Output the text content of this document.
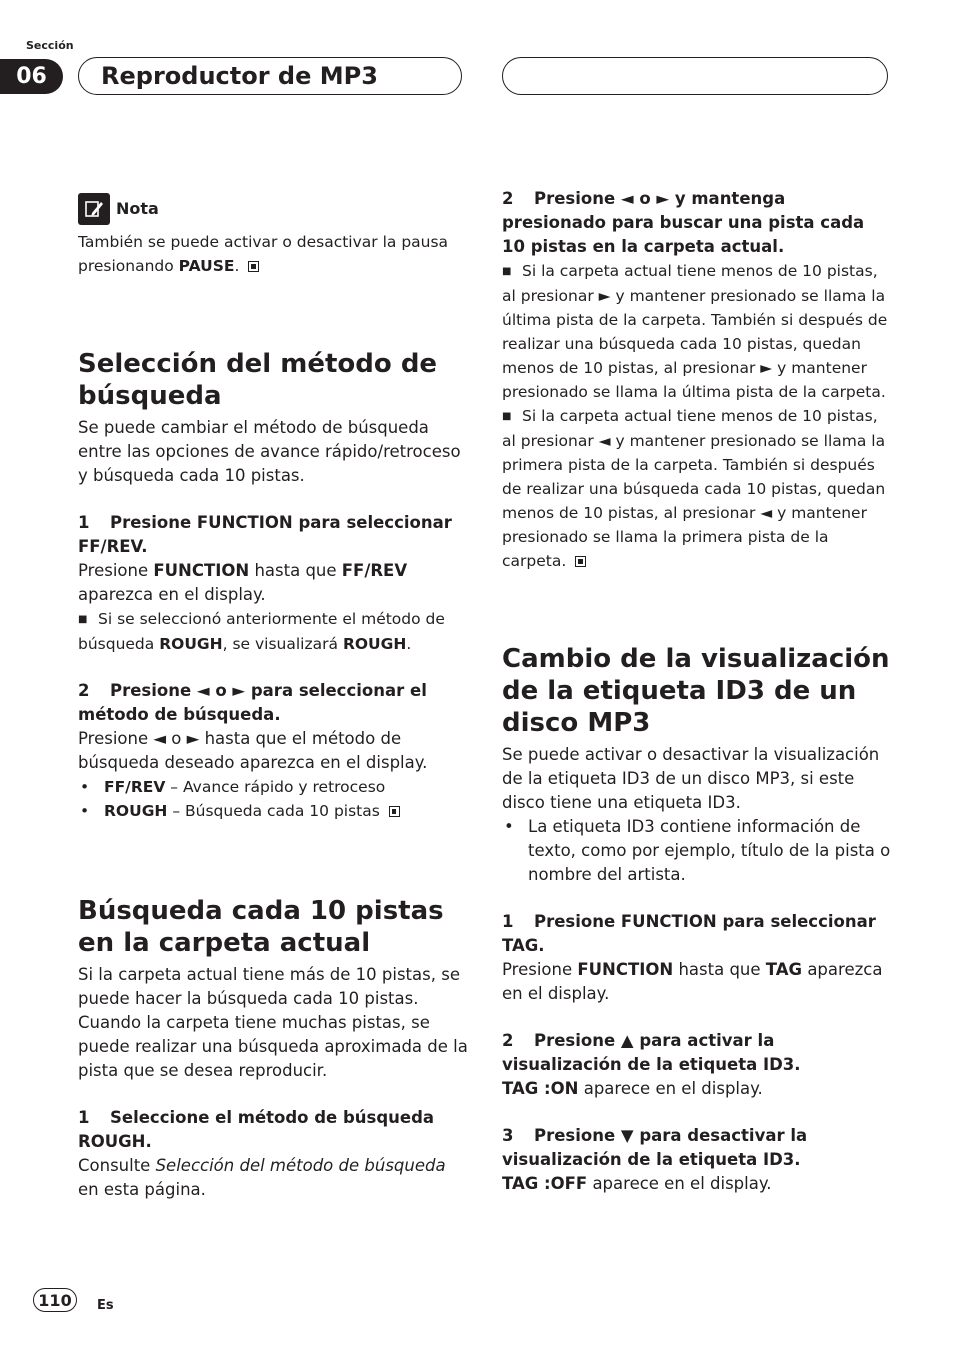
Sección
06	Reproductor de MP3
Nota

También se puede activar o desactivar la pausa presionando PAUSE.

Selección del método de búsqueda

Se puede cambiar el método de búsqueda entre las opciones de avance rápido/retroceso y búsqueda cada 10 pistas.

1 Presione FUNCTION para seleccionar FF/REV.

Presione FUNCTION hasta que FF/REV aparezca en el display.

■ Si se seleccionó anteriormente el método de búsqueda ROUGH, se visualizará ROUGH.

2 Presione ◄ o ► para seleccionar el método de búsqueda.

Presione ◄ o ► hasta que el método de búsqueda deseado aparezca en el display.

• FF/REV – Avance rápido y retroceso

• ROUGH – Búsqueda cada 10 pistas

Búsqueda cada 10 pistas en la carpeta actual

Si la carpeta actual tiene más de 10 pistas, se puede hacer la búsqueda cada 10 pistas. Cuando la carpeta tiene muchas pistas, se puede realizar una búsqueda aproximada de la pista que se desea reproducir.

1 Seleccione el método de búsqueda ROUGH.

Consulte Selección del método de búsqueda en esta página.

2 Presione ◄ o ► y mantenga presionado para buscar una pista cada 10 pistas en la carpeta actual.

■ Si la carpeta actual tiene menos de 10 pistas, al presionar ► y mantener presionado se llama la última pista de la carpeta. También si después de realizar una búsqueda cada 10 pistas, quedan menos de 10 pistas, al presionar ► y mantener presionado se llama la última pista de la carpeta.

■ Si la carpeta actual tiene menos de 10 pistas, al presionar ◄ y mantener presionado se llama la primera pista de la carpeta. También si después de realizar una búsqueda cada 10 pistas, quedan menos de 10 pistas, al presionar ◄ y mantener presionado se llama la primera pista de la carpeta.

Cambio de la visualización de la etiqueta ID3 de un disco MP3

Se puede activar o desactivar la visualización de la etiqueta ID3 de un disco MP3, si este disco tiene una etiqueta ID3.

• La etiqueta ID3 contiene información de texto, como por ejemplo, título de la pista o nombre del artista.

1 Presione FUNCTION para seleccionar TAG.

Presione FUNCTION hasta que TAG aparezca en el display.

2 Presione ▲ para activar la visualización de la etiqueta ID3.

TAG :ON aparece en el display.

3 Presione ▼ para desactivar la visualización de la etiqueta ID3.

TAG :OFF aparece en el display.

110	Es
